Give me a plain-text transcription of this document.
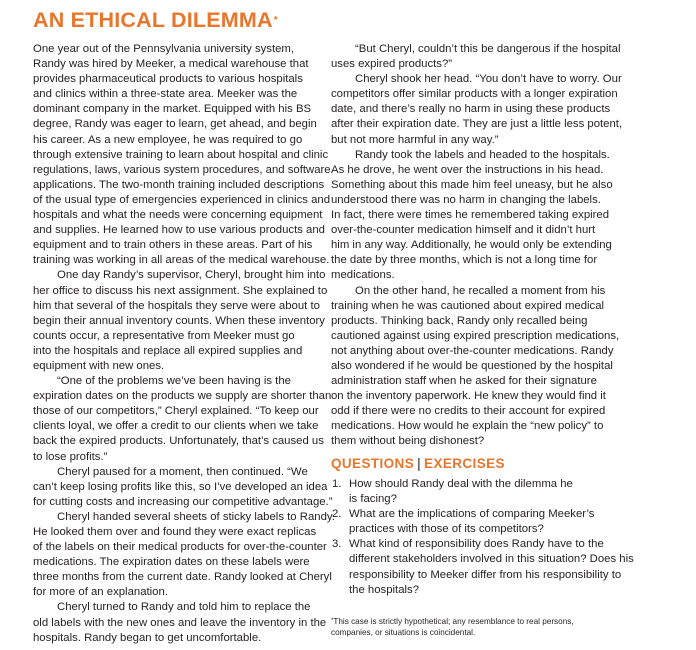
AN ETHICAL DILEMMA*
One year out of the Pennsylvania university system,
Randy was hired by Meeker, a medical warehouse that
provides pharmaceutical products to various hospitals
and clinics within a three-state area. Meeker was the
dominant company in the market. Equipped with his BS
degree, Randy was eager to learn, get ahead, and begin
his career. As a new employee, he was required to go
through extensive training to learn about hospital and clinic
regulations, laws, various system procedures, and software
applications. The two-month training included descriptions
of the usual type of emergencies experienced in clinics and
hospitals and what the needs were concerning equipment
and supplies. He learned how to use various products and
equipment and to train others in these areas. Part of his
training was working in all areas of the medical warehouse.
One day Randy’s supervisor, Cheryl, brought him into
her office to discuss his next assignment. She explained to
him that several of the hospitals they serve were about to
begin their annual inventory counts. When these inventory
counts occur, a representative from Meeker must go
into the hospitals and replace all expired supplies and
equipment with new ones.
“One of the problems we’ve been having is the
expiration dates on the products we supply are shorter than
those of our competitors,” Cheryl explained. “To keep our
clients loyal, we offer a credit to our clients when we take
back the expired products. Unfortunately, that’s caused us
to lose profits.”
Cheryl paused for a moment, then continued. “We
can’t keep losing profits like this, so I’ve developed an idea
for cutting costs and increasing our competitive advantage.”
Cheryl handed several sheets of sticky labels to Randy.
He looked them over and found they were exact replicas
of the labels on their medical products for over-the-counter
medications. The expiration dates on these labels were
three months from the current date. Randy looked at Cheryl
for more of an explanation.
Cheryl turned to Randy and told him to replace the
old labels with the new ones and leave the inventory in the
hospitals. Randy began to get uncomfortable.
“But Cheryl, couldn’t this be dangerous if the hospital
uses expired products?”
Cheryl shook her head. “You don’t have to worry. Our
competitors offer similar products with a longer expiration
date, and there’s really no harm in using these products
after their expiration date. They are just a little less potent,
but not more harmful in any way.”
Randy took the labels and headed to the hospitals.
As he drove, he went over the instructions in his head.
Something about this made him feel uneasy, but he also
understood there was no harm in changing the labels.
In fact, there were times he remembered taking expired
over-the-counter medication himself and it didn’t hurt
him in any way. Additionally, he would only be extending
the date by three months, which is not a long time for
medications.
On the other hand, he recalled a moment from his
training when he was cautioned about expired medical
products. Thinking back, Randy only recalled being
cautioned against using expired prescription medications,
not anything about over-the-counter medications. Randy
also wondered if he would be questioned by the hospital
administration staff when he asked for their signature
on the inventory paperwork. He knew they would find it
odd if there were no credits to their account for expired
medications. How would he explain the “new policy” to
them without being dishonest?
QUESTIONS | EXERCISES
1. How should Randy deal with the dilemma he
is facing?
2. What are the implications of comparing Meeker’s
practices with those of its competitors?
3. What kind of responsibility does Randy have to the
different stakeholders involved in this situation? Does his
responsibility to Meeker differ from his responsibility to
the hospitals?
*This case is strictly hypothetical; any resemblance to real persons,
companies, or situations is coincidental.
